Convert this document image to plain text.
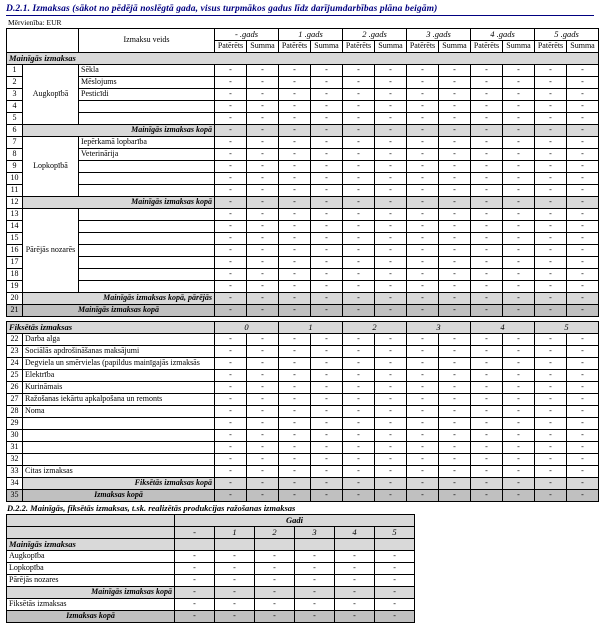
D.2.1. Izmaksas (sākot no pēdējā noslēgtā gada, visus turpmākos gadus līdz darījumdarbības plāna beigām)
Mērvienība: EUR
		Izmaksu veids	- .gads		1 .gads		2 .gads		3 .gads		4 .gads		5 .gads	
			Patērēts	Summa	Patērēts	Summa	Patērēts	Summa	Patērēts	Summa	Patērēts	Summa	Patērēts	Summa
Mainīgās izmaksas														
1	Augkopībā	Sēkla	-	-	-	-	-	-	-	-	-	-	-	-
2		Mēslojums	-	-	-	-	-	-	-	-	-	-	-	-
3		Pesticīdi	-	-	-	-	-	-	-	-	-	-	-	-
4			-	-	-	-	-	-	-	-	-	-	-	-
5			-	-	-	-	-	-	-	-	-	-	-	-
6	Mainīgās izmaksas kopā		-	-	-	-	-	-	-	-	-	-	-	-
7	Lopkopībā	Iepērkamā lopbarība	-	-	-	-	-	-	-	-	-	-	-	-
8		Veterinārija	-	-	-	-	-	-	-	-	-	-	-	-
9			-	-	-	-	-	-	-	-	-	-	-	-
10			-	-	-	-	-	-	-	-	-	-	-	-
11			-	-	-	-	-	-	-	-	-	-	-	-
12	Mainīgās izmaksas kopā		-	-	-	-	-	-	-	-	-	-	-	-
13	Pārējās nozarēs		-	-	-	-	-	-	-	-	-	-	-	-
14			-	-	-	-	-	-	-	-	-	-	-	-
15			-	-	-	-	-	-	-	-	-	-	-	-
16			-	-	-	-	-	-	-	-	-	-	-	-
17			-	-	-	-	-	-	-	-	-	-	-	-
18			-	-	-	-	-	-	-	-	-	-	-	-
19			-	-	-	-	-	-	-	-	-	-	-	-
20	Mainīgās izmaksas kopā, pārējās		-	-	-	-	-	-	-	-	-	-	-	-
21	Mainīgās izmaksas kopā		-	-	-	-	-	-	-	-	-	-	-	-

Fiksētās izmaksas			0		1		2		3		4		5	
22	Darba alga		-	-	-	-	-	-	-	-	-	-	-	-
23	Sociālās apdrošināšanas maksājumi		-	-	-	-	-	-	-	-	-	-	-	-
24	Degviela un smērvielas (papildus mainīgajās izmaksās		-	-	-	-	-	-	-	-	-	-	-	-
25	Elektrība		-	-	-	-	-	-	-	-	-	-	-	-
26	Kurināmais		-	-	-	-	-	-	-	-	-	-	-	-
27	Ražošanas iekārtu apkalpošana un remonts		-	-	-	-	-	-	-	-	-	-	-	-
28	Noma		-	-	-	-	-	-	-	-	-	-	-	-
29			-	-	-	-	-	-	-	-	-	-	-	-
30			-	-	-	-	-	-	-	-	-	-	-	-
31			-	-	-	-	-	-	-	-	-	-	-	-
32			-	-	-	-	-	-	-	-	-	-	-	-
33	Citas izmaksas		-	-	-	-	-	-	-	-	-	-	-	-
34	Fiksētās izmaksas kopā		-	-	-	-	-	-	-	-	-	-	-	-
35	Izmaksas kopā		-	-	-	-	-	-	-	-	-	-	-	-
D.2.2. Mainīgās, fiksētās izmaksas, t.sk. realizētās produkcijas ražošanas izmaksas
	Gadi					
	-	1	2	3	4	5
Mainīgās izmaksas						
Augkopība	-	-	-	-	-	-
Lopkopība	-	-	-	-	-	-
Pārējās nozares	-	-	-	-	-	-
Mainīgās izmaksas kopā	-	-	-	-	-	-
Fiksētās izmaksas	-	-	-	-	-	-
Izmaksas kopā	-	-	-	-	-	-
